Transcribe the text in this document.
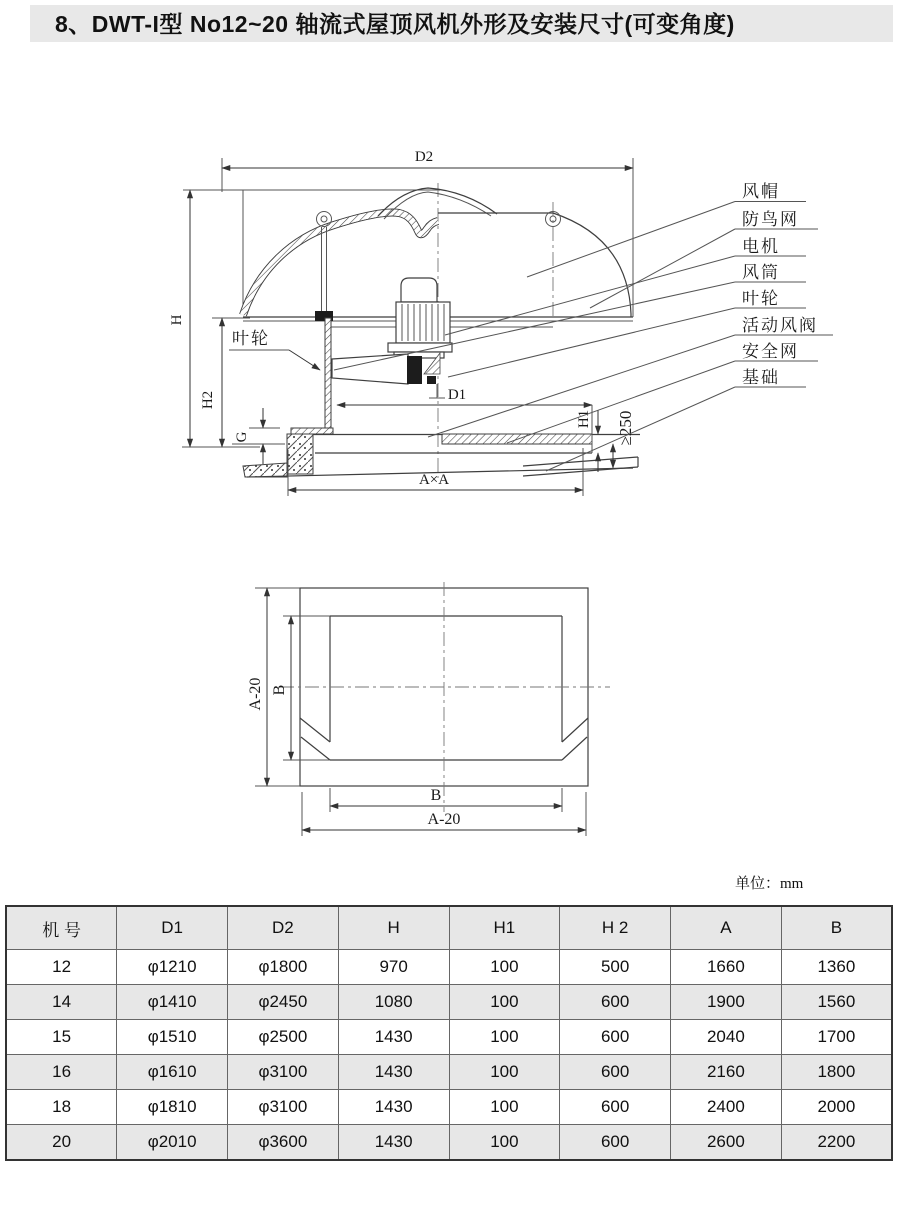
8、DWT-I型 No12~20 轴流式屋顶风机外形及安装尺寸(可变角度)
D2
H
H2
G
D1
H1 ≥250
A×A
叶轮
风帽
防鸟网
电机
风筒
叶轮
活动风阀
安全网
基础
A-20 B
B
A-20
单位：mm
机 号	D1	D2	H	H1	H 2	A	B
12	φ1210	φ1800	970	100	500	1660	1360
14	φ1410	φ2450	1080	100	600	1900	1560
15	φ1510	φ2500	1430	100	600	2040	1700
16	φ1610	φ3100	1430	100	600	2160	1800
18	φ1810	φ3100	1430	100	600	2400	2000
20	φ2010	φ3600	1430	100	600	2600	2200
